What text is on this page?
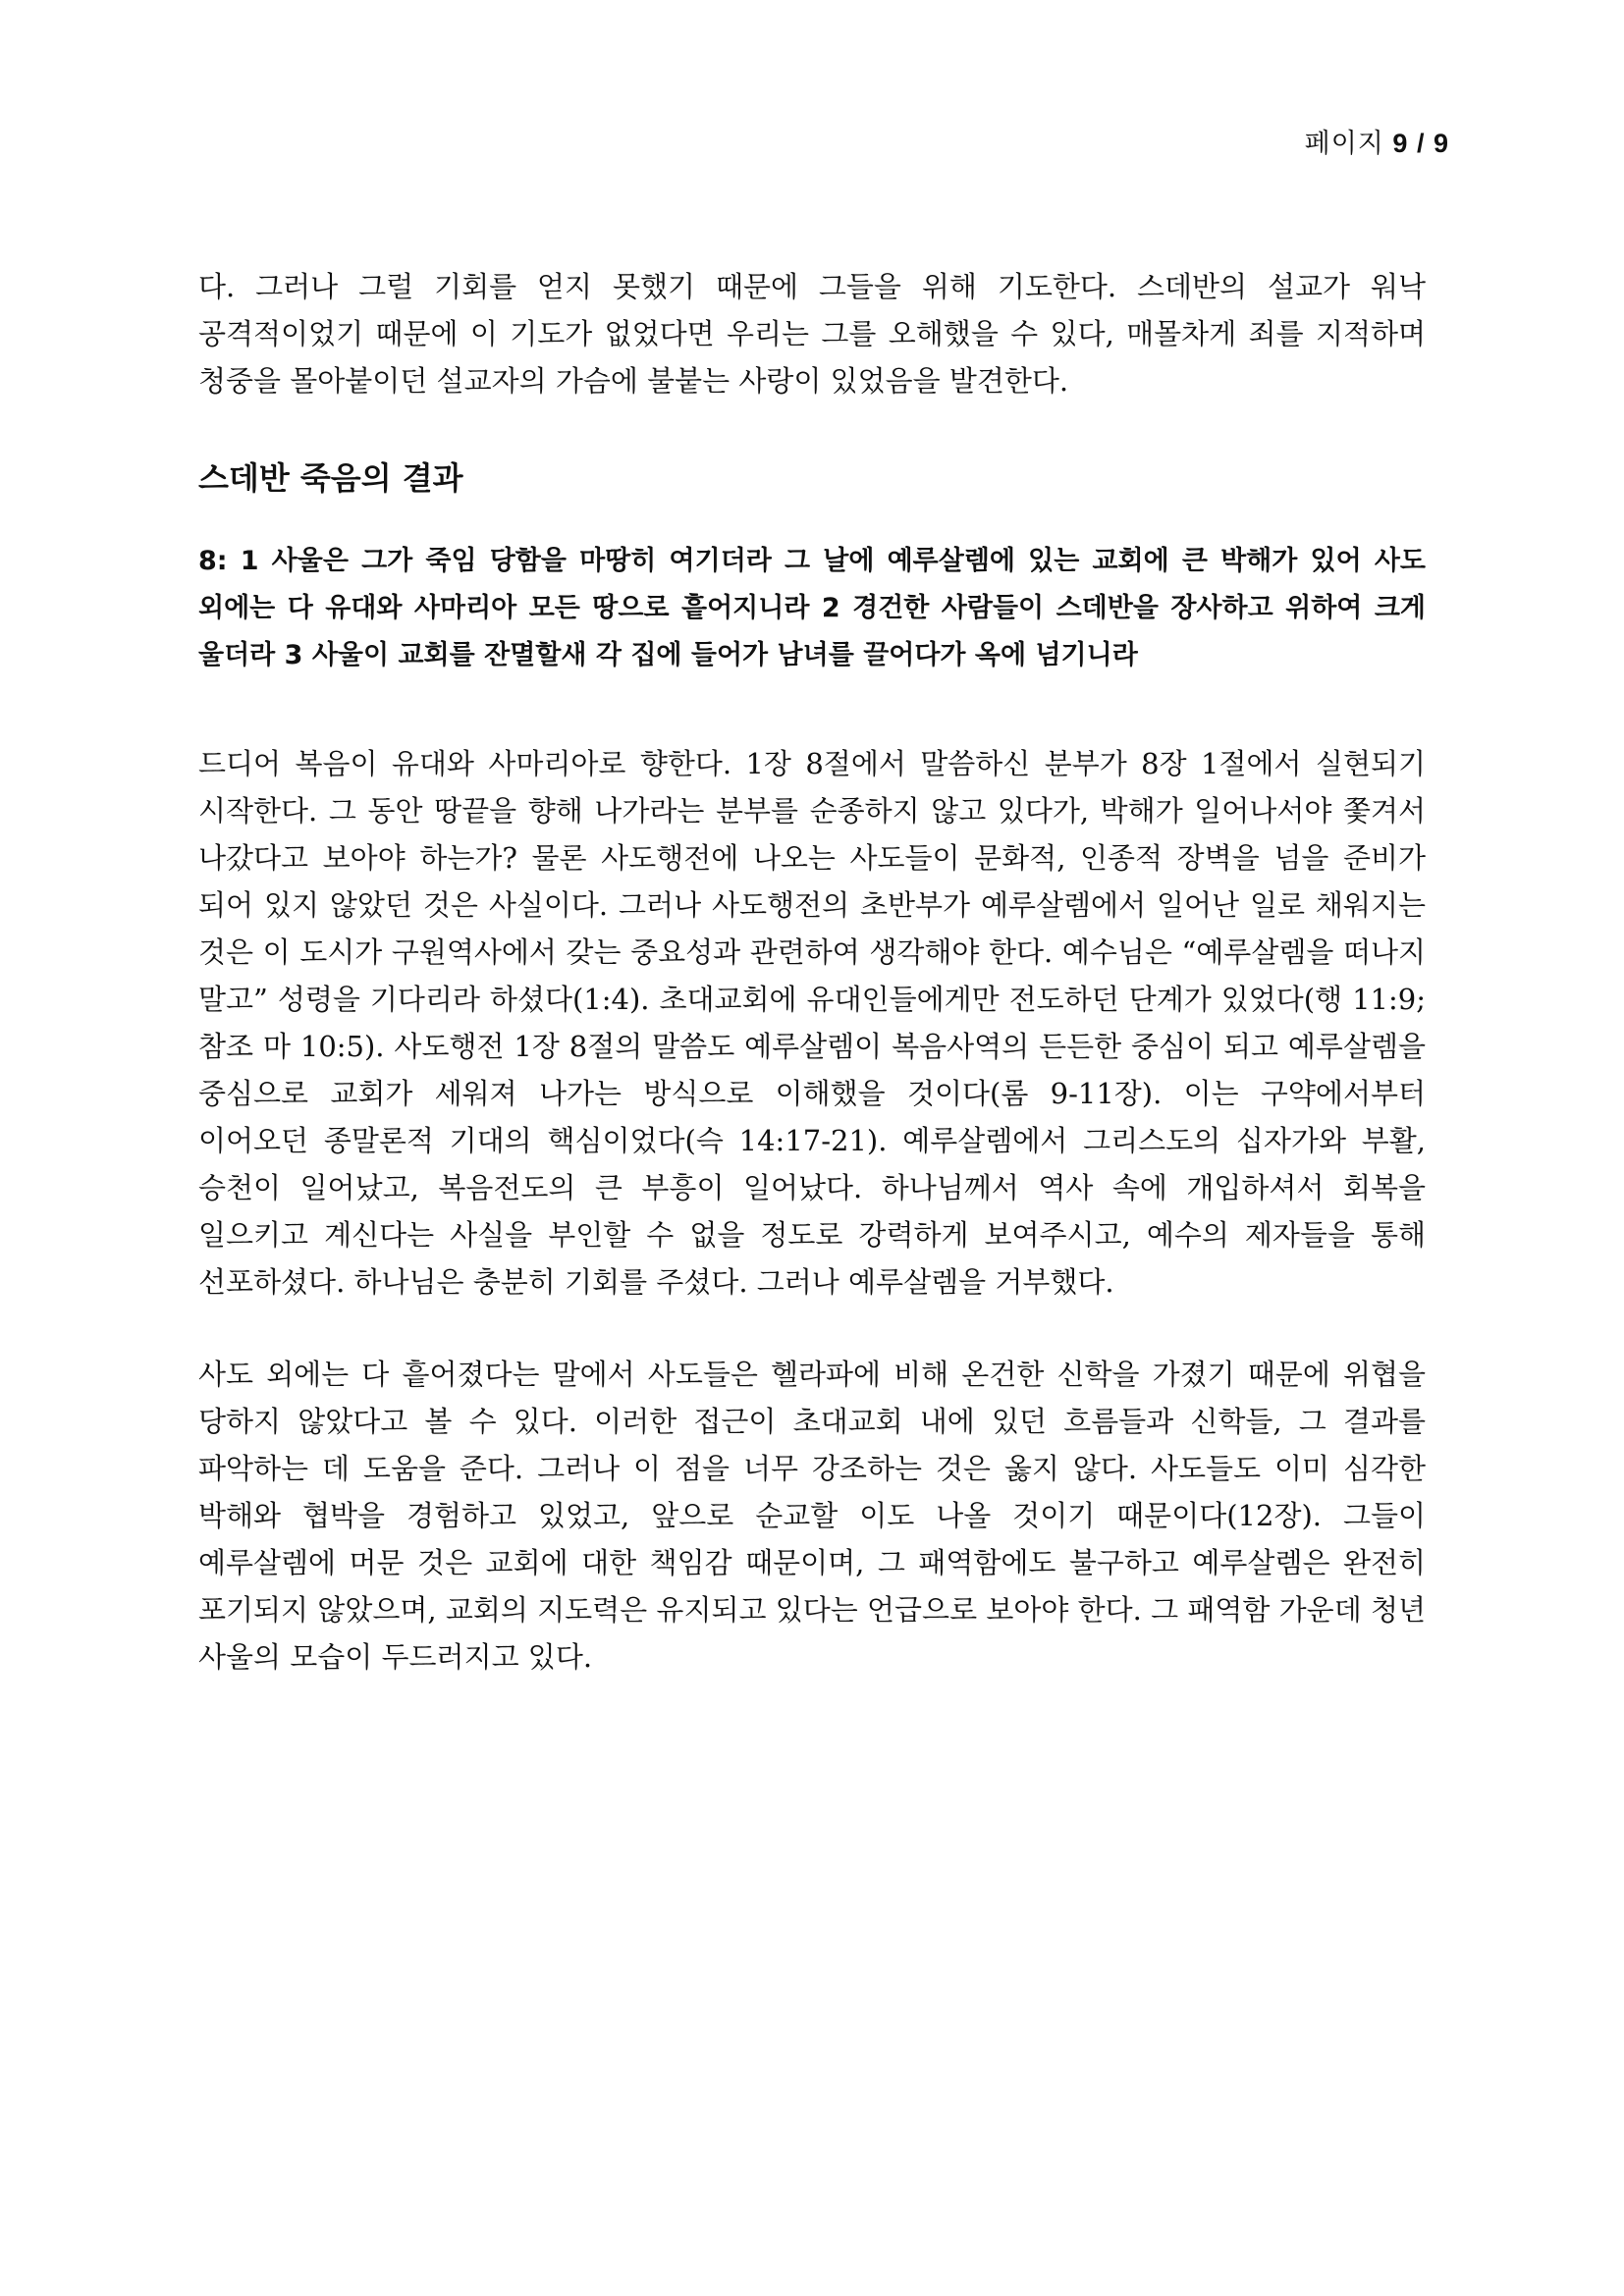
페이지 9 / 9

다. 그러나 그럴 기회를 얻지 못했기 때문에 그들을 위해 기도한다. 스데반의 설교가 워낙 공격적이었기 때문에 이 기도가 없었다면 우리는 그를 오해했을 수 있다, 매몰차게 죄를 지적하며 청중을 몰아붙이던 설교자의 가슴에 불붙는 사랑이 있었음을 발견한다.

스데반 죽음의 결과

8: 1 사울은 그가 죽임 당함을 마땅히 여기더라 그 날에 예루살렘에 있는 교회에 큰 박해가 있어 사도 외에는 다 유대와 사마리아 모든 땅으로 흩어지니라 2 경건한 사람들이 스데반을 장사하고 위하여 크게 울더라 3 사울이 교회를 잔멸할새 각 집에 들어가 남녀를 끌어다가 옥에 넘기니라

드디어 복음이 유대와 사마리아로 향한다. 1장 8절에서 말씀하신 분부가 8장 1절에서 실현되기 시작한다. 그 동안 땅끝을 향해 나가라는 분부를 순종하지 않고 있다가, 박해가 일어나서야 쫓겨서 나갔다고 보아야 하는가? 물론 사도행전에 나오는 사도들이 문화적, 인종적 장벽을 넘을 준비가 되어 있지 않았던 것은 사실이다. 그러나 사도행전의 초반부가 예루살렘에서 일어난 일로 채워지는 것은 이 도시가 구원역사에서 갖는 중요성과 관련하여 생각해야 한다. 예수님은 “예루살렘을 떠나지 말고” 성령을 기다리라 하셨다(1:4). 초대교회에 유대인들에게만 전도하던 단계가 있었다(행 11:9; 참조 마 10:5). 사도행전 1장 8절의 말씀도 예루살렘이 복음사역의 든든한 중심이 되고 예루살렘을 중심으로 교회가 세워져 나가는 방식으로 이해했을 것이다(롬 9-11장). 이는 구약에서부터 이어오던 종말론적 기대의 핵심이었다(슥 14:17-21). 예루살렘에서 그리스도의 십자가와 부활, 승천이 일어났고, 복음전도의 큰 부흥이 일어났다. 하나님께서 역사 속에 개입하셔서 회복을 일으키고 계신다는 사실을 부인할 수 없을 정도로 강력하게 보여주시고, 예수의 제자들을 통해 선포하셨다. 하나님은 충분히 기회를 주셨다. 그러나 예루살렘을 거부했다.

사도 외에는 다 흩어졌다는 말에서 사도들은 헬라파에 비해 온건한 신학을 가졌기 때문에 위협을 당하지 않았다고 볼 수 있다. 이러한 접근이 초대교회 내에 있던 흐름들과 신학들, 그 결과를 파악하는 데 도움을 준다. 그러나 이 점을 너무 강조하는 것은 옳지 않다. 사도들도 이미 심각한 박해와 협박을 경험하고 있었고, 앞으로 순교할 이도 나올 것이기 때문이다(12장). 그들이 예루살렘에 머문 것은 교회에 대한 책임감 때문이며, 그 패역함에도 불구하고 예루살렘은 완전히 포기되지 않았으며, 교회의 지도력은 유지되고 있다는 언급으로 보아야 한다. 그 패역함 가운데 청년 사울의 모습이 두드러지고 있다.
